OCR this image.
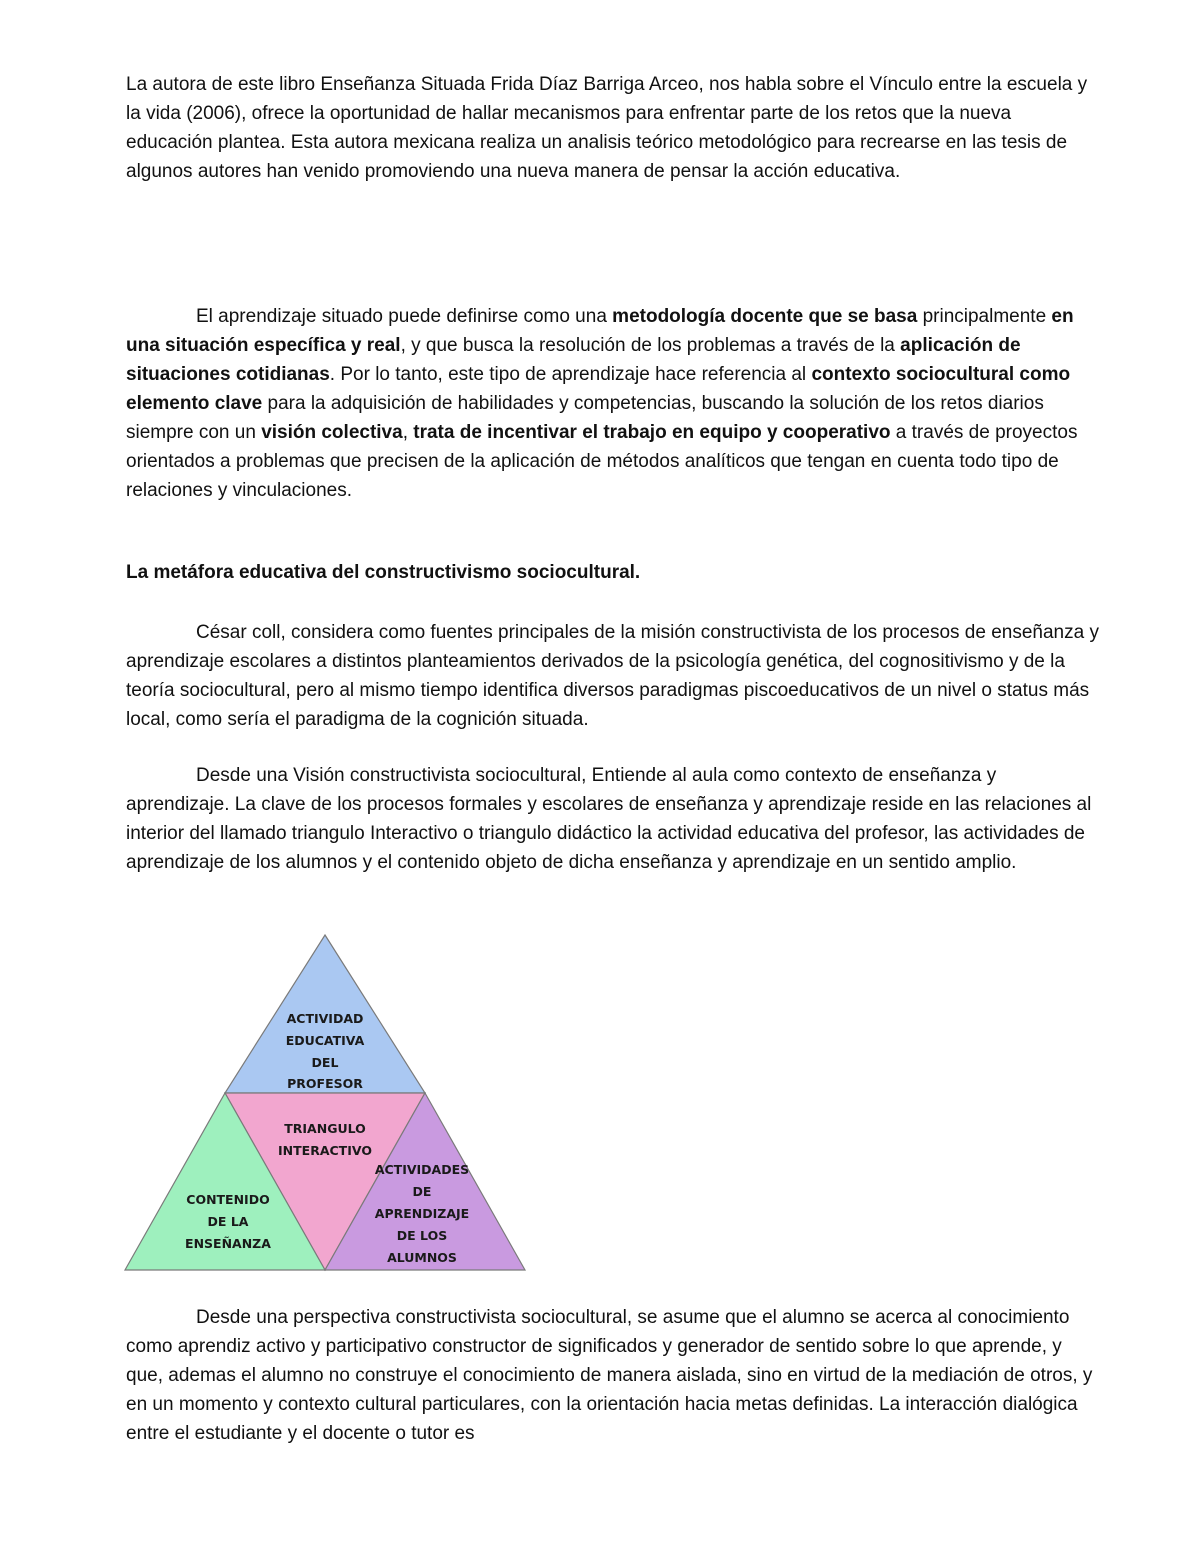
La autora de este libro Enseñanza Situada Frida Díaz Barriga Arceo, nos habla sobre el Vínculo entre la escuela y la vida (2006), ofrece la oportunidad de hallar mecanismos para enfrentar parte de los retos que la nueva educación plantea. Esta autora mexicana realiza un analisis teórico metodológico para recrearse en las tesis de algunos autores han venido promoviendo una nueva manera de pensar la acción educativa.

El aprendizaje situado puede definirse como una metodología docente que se basa principalmente en una situación específica y real, y que busca la resolución de los problemas a través de la aplicación de situaciones cotidianas. Por lo tanto, este tipo de aprendizaje hace referencia al contexto sociocultural como elemento clave para la adquisición de habilidades y competencias, buscando la solución de los retos diarios siempre con un visión colectiva, trata de incentivar el trabajo en equipo y cooperativo a través de proyectos orientados a problemas que precisen de la aplicación de métodos analíticos que tengan en cuenta todo tipo de relaciones y vinculaciones.

La metáfora educativa del constructivismo sociocultural.

César coll, considera como fuentes principales de la misión constructivista de los procesos de enseñanza y aprendizaje escolares a distintos planteamientos derivados de la psicología genética, del cognositivismo y de la teoría sociocultural, pero al mismo tiempo identifica diversos paradigmas piscoeducativos de un nivel o status más local, como sería el paradigma de la cognición situada.

Desde una Visión constructivista sociocultural, Entiende al aula como contexto de enseñanza y aprendizaje. La clave de los procesos formales y escolares de enseñanza y aprendizaje reside en las relaciones al interior del llamado triangulo Interactivo o triangulo didáctico la actividad educativa del profesor, las actividades de aprendizaje de los alumnos y el contenido objeto de dicha enseñanza y aprendizaje en un sentido amplio.

ACTIVIDAD
EDUCATIVA
DEL
PROFESOR
TRIANGULO
INTERACTIVO
CONTENIDO
DE LA
ENSEÑANZA
ACTIVIDADES
DE
APRENDIZAJE
DE LOS
ALUMNOS

Desde una perspectiva constructivista sociocultural, se asume que el alumno se acerca al conocimiento como aprendiz activo y participativo constructor de significados y generador de sentido sobre lo que aprende, y que, ademas el alumno no construye el conocimiento de manera aislada, sino en virtud de la mediación de otros, y en un momento y contexto cultural particulares, con la orientación hacia metas definidas. La interacción dialógica entre el estudiante y el docente o tutor es
